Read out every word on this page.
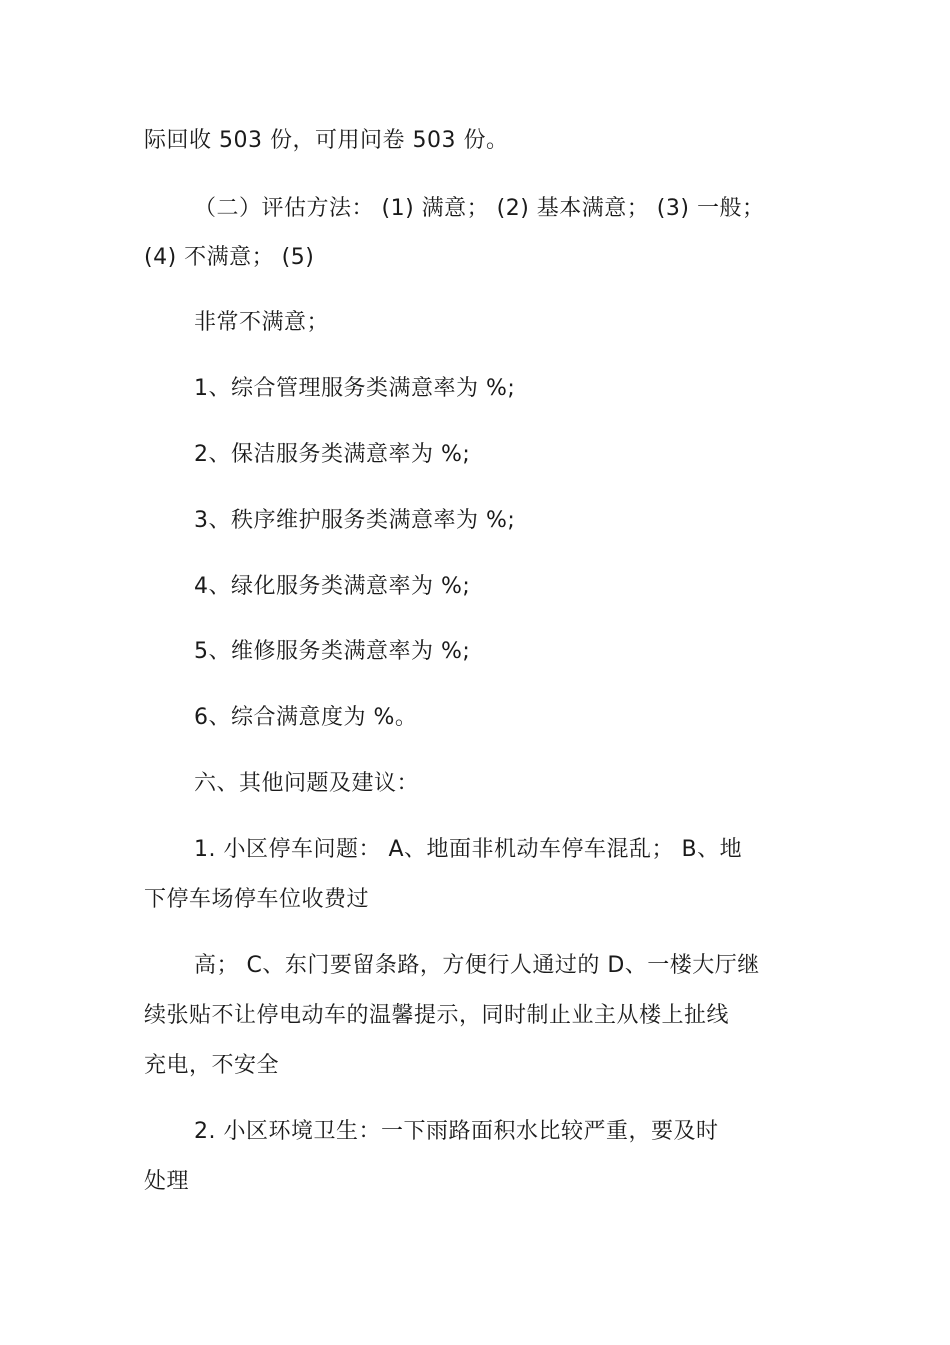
际回收 503 份，可用问卷 503 份。
（二）评估方法： (1) 满意； (2) 基本满意； (3) 一般；
(4) 不满意； (5)
非常不满意；
1、综合管理服务类满意率为 %;
2、保洁服务类满意率为 %;
3、秩序维护服务类满意率为 %;
4、绿化服务类满意率为 %;
5、维修服务类满意率为 %;
6、综合满意度为 %。
六、其他问题及建议：
1. 小区停车问题： A、地面非机动车停车混乱； B、地
下停车场停车位收费过
高； C、东门要留条路，方便行人通过的 D、一楼大厅继
续张贴不让停电动车的温馨提示，同时制止业主从楼上扯线
充电，不安全
2. 小区环境卫生：一下雨路面积水比较严重，要及时
处理
